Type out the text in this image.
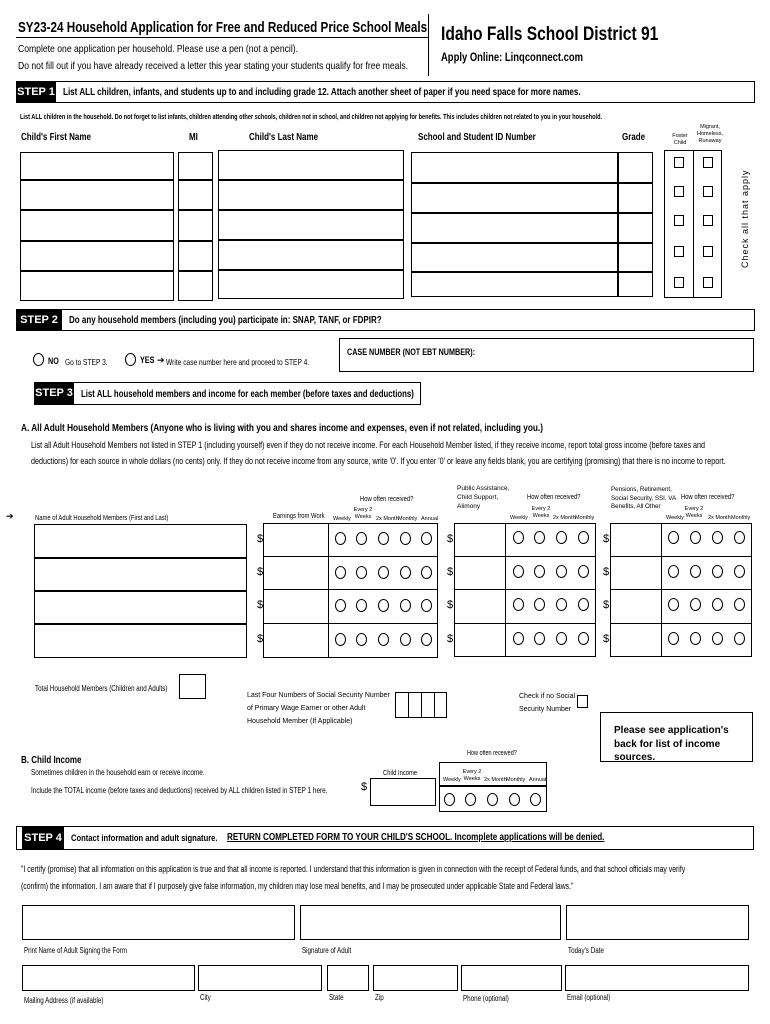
SY23-24 Household Application for Free and Reduced Price School Meals
Complete one application per household. Please use a pen (not a pencil).
Do not fill out if you have already received a letter this year stating your students qualify for free meals.
Idaho Falls School District 91
Apply Online: Linqconnect.com
STEP 1 List ALL children, infants, and students up to and including grade 12. Attach another sheet of paper if you need space for more names.
List ALL children in the household. Do not forget to list infants, children attending other schools, children not in school, and children not applying for benefits. This includes children not related to you in your household.
Child's First Name	MI	Child's Last Name	School and Student ID Number	Grade	Foster Child
Migrant, Homeless, Runaway
Check all that apply
STEP 2	Do any household members (including you) participate in: SNAP, TANF, or FDPIR?
NO Go to STEP 3.	YES ➔ Write case number here and proceed to STEP 4.
CASE NUMBER (NOT EBT NUMBER):
STEP 3 List ALL household members and income for each member (before taxes and deductions)
A. All Adult Household Members (Anyone who is living with you and shares income and expenses, even if not related, including you.)
List all Adult Household Members not listed in STEP 1 (including yourself) even if they do not receive income. For each Household Member listed, if they receive income, report total gross income (before taxes and
deductions) for each source in whole dollars (no cents) only. If they do not receive income from any source, write '0'. If you enter '0' or leave any fields blank, you are certifying (promising) that there is no income to report.
➔	Name of Adult Household Members (First and Last)	Earnings from Work
How often received?
Weekly
Every 2 Weeks 2x Month Monthly Annual
Public Assistance, Child Support, Alimony
How often received?
Weekly
Every 2 Weeks 2x Month Monthly
Pensions, Retirement, Social Security, SSI, VA Benefits, All Other
How often received?
Weekly
Every 2 Weeks 2x Month Monthly
$
$
$
$
$
$
$
$
$
$
$
$
Total Household Members (Children and Adults)
Last Four Numbers of Social Security Number of Primary Wage Earner or other Adult Household Member (If Applicable)
Check if no Social Security Number
Please see application's back for list of income sources.
B. Child Income
Sometimes children in the household earn or receive income.
Include the TOTAL income (before taxes and deductions) received by ALL children listed in STEP 1 here.
Child Income
$
How often received?
Weekly
Every 2 Weeks 2x Month Monthly Annual
STEP 4 Contact information and adult signature. RETURN COMPLETED FORM TO YOUR CHILD'S SCHOOL. Incomplete applications will be denied.
"I certify (promise) that all information on this application is true and that all income is reported. I understand that this information is given in connection with the receipt of Federal funds, and that school officials may verify
(confirm) the information. I am aware that if I purposely give false information, my children may lose meal benefits, and I may be prosecuted under applicable State and Federal laws."
Print Name of Adult Signing the Form	Signature of Adult	Today's Date
Mailing Address (if available)	City	State	Zip	Phone (optional)	Email (optional)
